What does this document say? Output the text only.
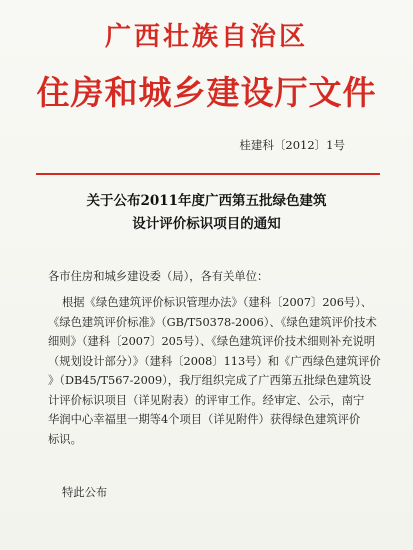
广西壮族自治区
住房和城乡建设厅文件
桂建科〔2012〕1号
关于公布2011年度广西第五批绿色建筑
设计评价标识项目的通知
各市住房和城乡建设委（局），各有关单位：
根据《绿色建筑评价标识管理办法》（建科〔2007〕206号）、
《绿色建筑评价标准》（GB/T50378-2006）、《绿色建筑评价技术
细则》（建科〔2007〕205号）、《绿色建筑评价技术细则补充说明
（规划设计部分）》（建科〔2008〕113号）和《广西绿色建筑评价
》（DB45/T567-2009），我厅组织完成了广西第五批绿色建筑设
计评价标识项目（详见附表）的评审工作。经审定、公示，南宁
华润中心幸福里一期等4个项目（详见附件）获得绿色建筑评价
标识。
特此公布
